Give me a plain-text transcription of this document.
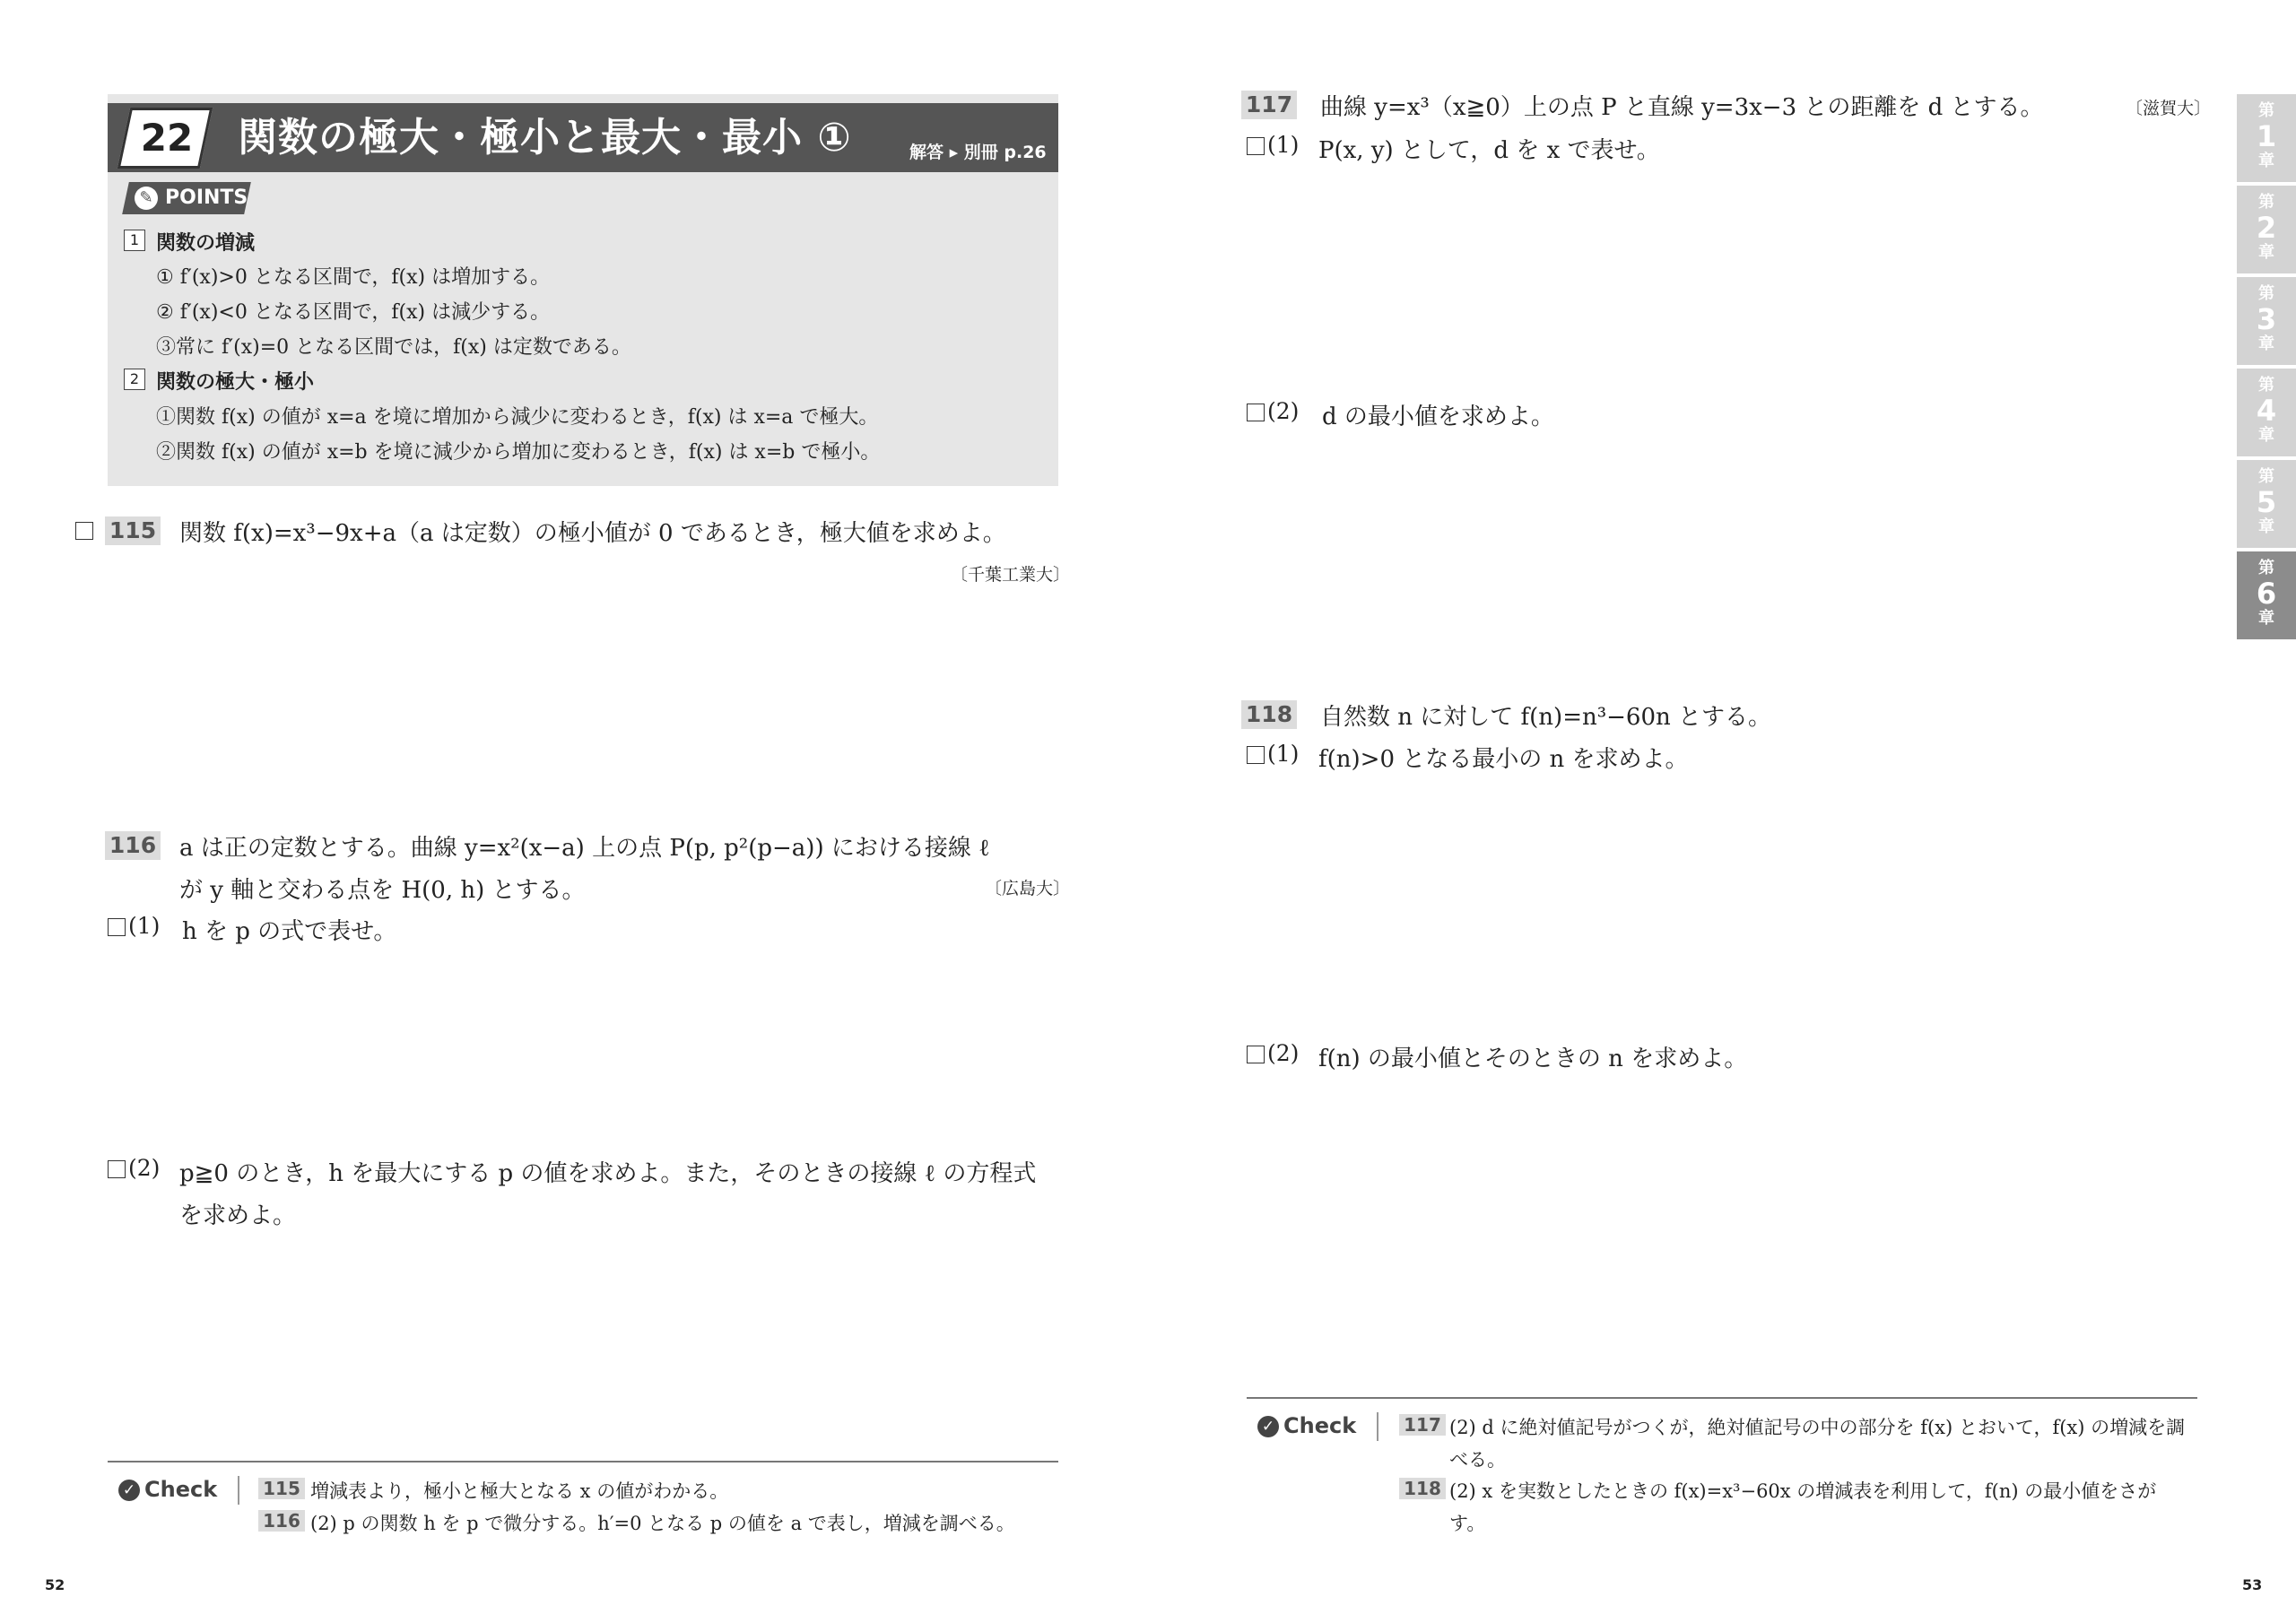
22	関数の極大・極小と最大・最小 ①	解答 ▸ 別冊 p.26
✎ POINTS
1 関数の増減
① f′(x)>0 となる区間で，f(x) は増加する。
② f′(x)<0 となる区間で，f(x) は減少する。
③常に f′(x)=0 となる区間では，f(x) は定数である。
2 関数の極大・極小
①関数 f(x) の値が x=a を境に増加から減少に変わるとき，f(x) は x=a で極大。
②関数 f(x) の値が x=b を境に減少から増加に変わるとき，f(x) は x=b で極小。
115 関数 f(x)=x³−9x+a（a は定数）の極小値が 0 であるとき，極大値を求めよ。
〔千葉工業大〕
116 a は正の定数とする。曲線 y=x²(x−a) 上の点 P(p, p²(p−a)) における接線 ℓ
が y 軸と交わる点を H(0, h) とする。	〔広島大〕
(1) h を p の式で表せ。
(2) p≧0 のとき，h を最大にする p の値を求めよ。また，そのときの接線 ℓ の方程式
を求めよ。
✓ Check	115 増減表より，極小と極大となる x の値がわかる。
116 (2) p の関数 h を p で微分する。h′=0 となる p の値を a で表し，増減を調べる。
52
117 曲線 y=x³（x≧0）上の点 P と直線 y=3x−3 との距離を d とする。	〔滋賀大〕
(1) P(x, y) として，d を x で表せ。
(2) d の最小値を求めよ。
118 自然数 n に対して f(n)=n³−60n とする。
(1) f(n)>0 となる最小の n を求めよ。
(2) f(n) の最小値とそのときの n を求めよ。
✓ Check	117 (2) d に絶対値記号がつくが，絶対値記号の中の部分を f(x) とおいて，f(x) の増減を調
べる。
118 (2) x を実数としたときの f(x)=x³−60x の増減表を利用して，f(n) の最小値をさが
す。
53
第
1
章
第
2
章
第
3
章
第
4
章
第
5
章
第
6
章
